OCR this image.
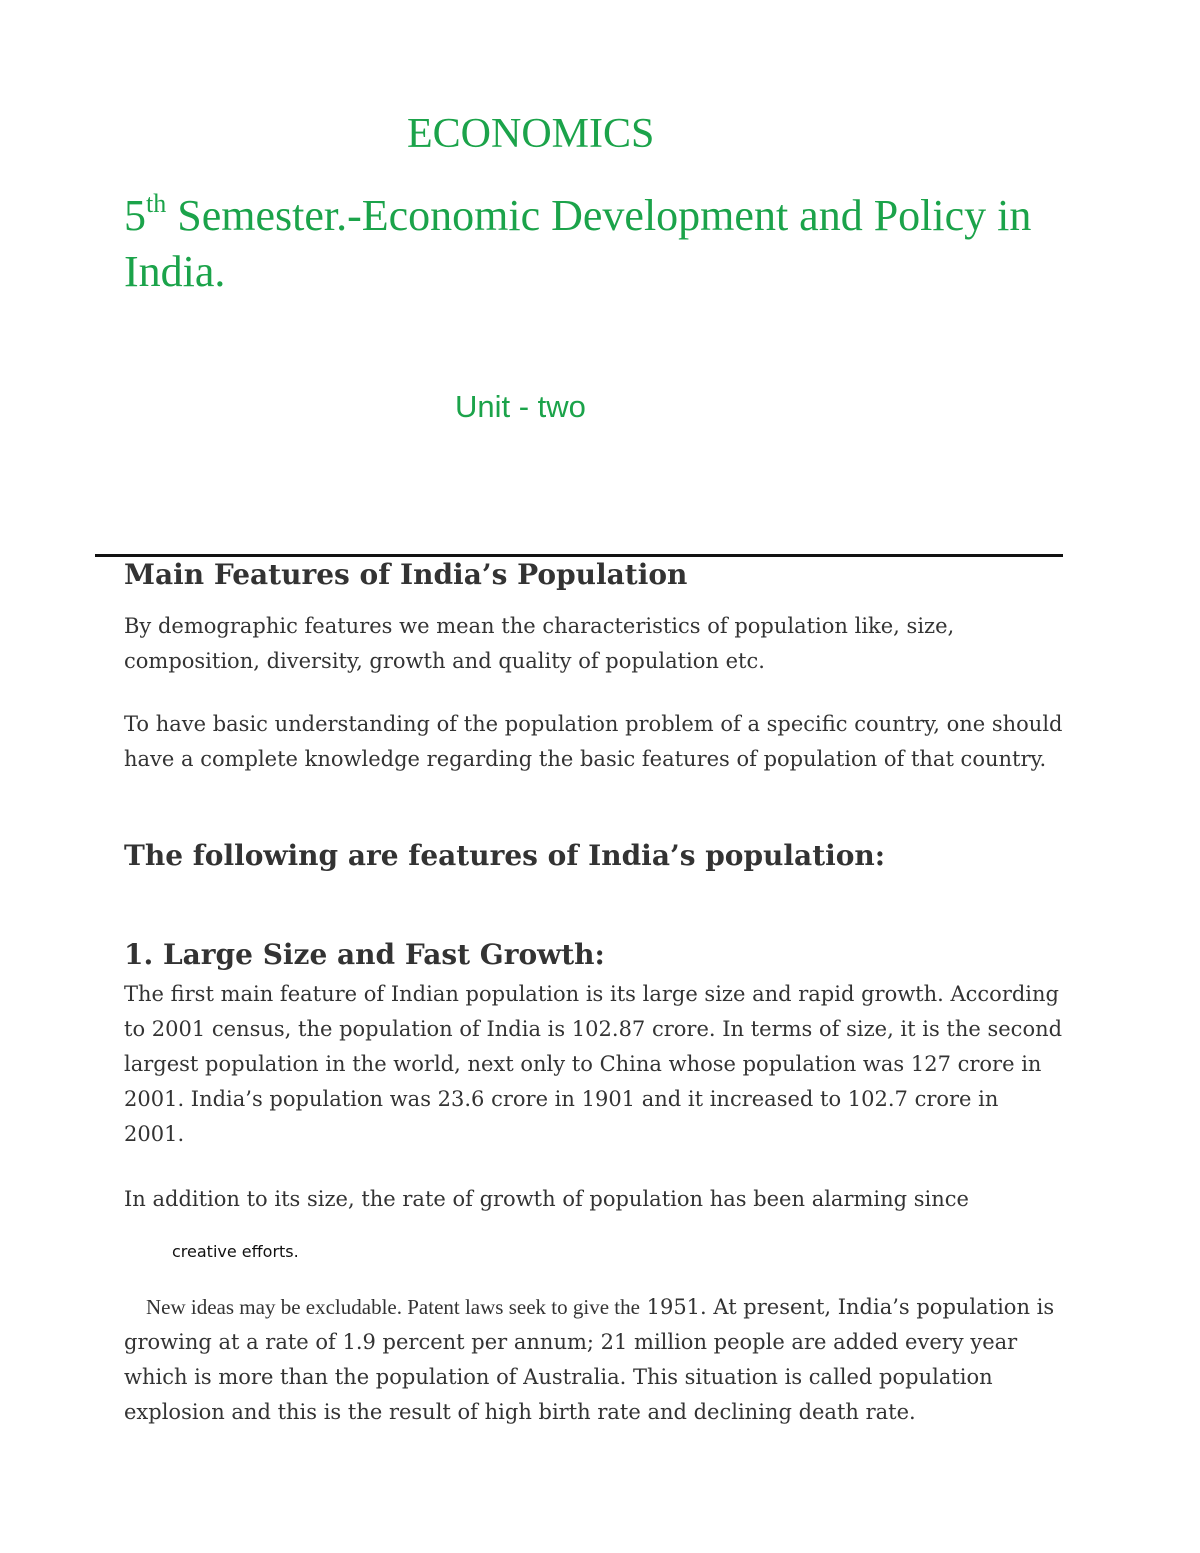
ECONOMICS
5th Semester.-Economic Development and Policy in India.
Unit - two
Main Features of India’s Population
By demographic features we mean the characteristics of population like, size, composition, diversity, growth and quality of population etc.
To have basic understanding of the population problem of a specific country, one should have a complete knowledge regarding the basic features of population of that country.
The following are features of India’s population:
1. Large Size and Fast Growth:
The first main feature of Indian population is its large size and rapid growth. According to 2001 census, the population of India is 102.87 crore. In terms of size, it is the second largest population in the world, next only to China whose population was 127 crore in 2001. India’s population was 23.6 crore in 1901 and it increased to 102.7 crore in 2001.
In addition to its size, the rate of growth of population has been alarming since
creative efforts.
New ideas may be excludable. Patent laws seek to give the 1951. At present, India’s population is growing at a rate of 1.9 percent per annum; 21 million people are added every year which is more than the population of Australia. This situation is called population explosion and this is the result of high birth rate and declining death rate.
